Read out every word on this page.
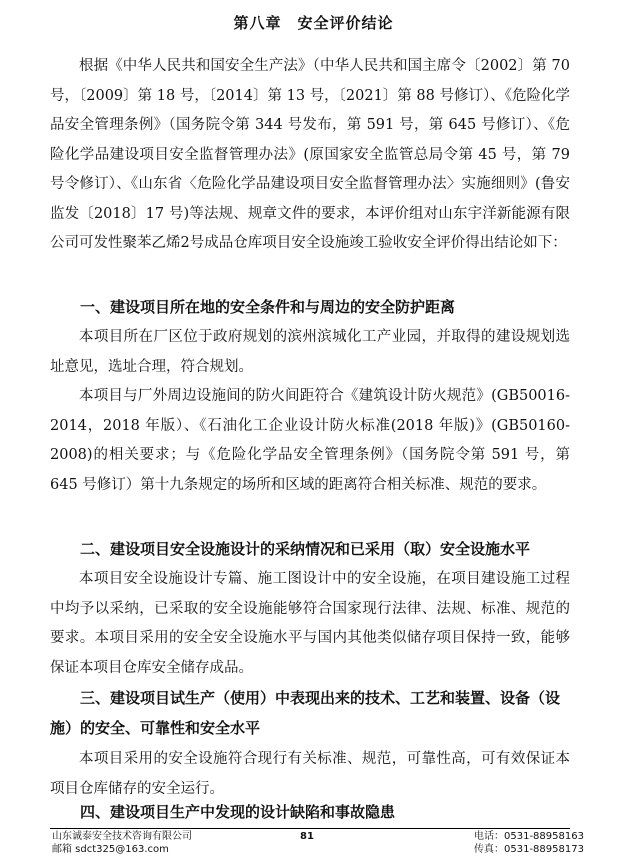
第八章　安全评价结论

根据《中华人民共和国安全生产法》（中华人民共和国主席令〔2002〕第 70 号，〔2009〕第 18 号，〔2014〕第 13 号，〔2021〕第 88 号修订）、《危险化学品安全管理条例》（国务院令第 344 号发布，第 591 号，第 645 号修订）、《危险化学品建设项目安全监督管理办法》(原国家安全监管总局令第 45 号，第 79 号令修订）、《山东省〈危险化学品建设项目安全监督管理办法〉实施细则》(鲁安监发〔2018〕17 号)等法规、规章文件的要求，本评价组对山东宇洋新能源有限公司可发性聚苯乙烯2号成品仓库项目安全设施竣工验收安全评价得出结论如下：

一、建设项目所在地的安全条件和与周边的安全防护距离

本项目所在厂区位于政府规划的滨州滨城化工产业园，并取得的建设规划选址意见，选址合理，符合规划。

本项目与厂外周边设施间的防火间距符合《建筑设计防火规范》(GB50016-2014，2018 年版）、《石油化工企业设计防火标准(2018 年版)》(GB50160-2008)的相关要求；与《危险化学品安全管理条例》（国务院令第 591 号，第 645 号修订）第十九条规定的场所和区域的距离符合相关标准、规范的要求。

二、建设项目安全设施设计的采纳情况和已采用（取）安全设施水平

本项目安全设施设计专篇、施工图设计中的安全设施，在项目建设施工过程中均予以采纳，已采取的安全设施能够符合国家现行法律、法规、标准、规范的要求。本项目采用的安全安全设施水平与国内其他类似储存项目保持一致，能够保证本项目仓库安全储存成品。

三、建设项目试生产（使用）中表现出来的技术、工艺和装置、设备（设施）的安全、可靠性和安全水平

本项目采用的安全设施符合现行有关标准、规范，可靠性高，可有效保证本项目仓库储存的安全运行。

四、建设项目生产中发现的设计缺陷和事故隐患

山东诚泰安全技术咨询有限公司	81	电话：0531-88958163
邮箱 sdct325@163.com	传真：0531-88958173
